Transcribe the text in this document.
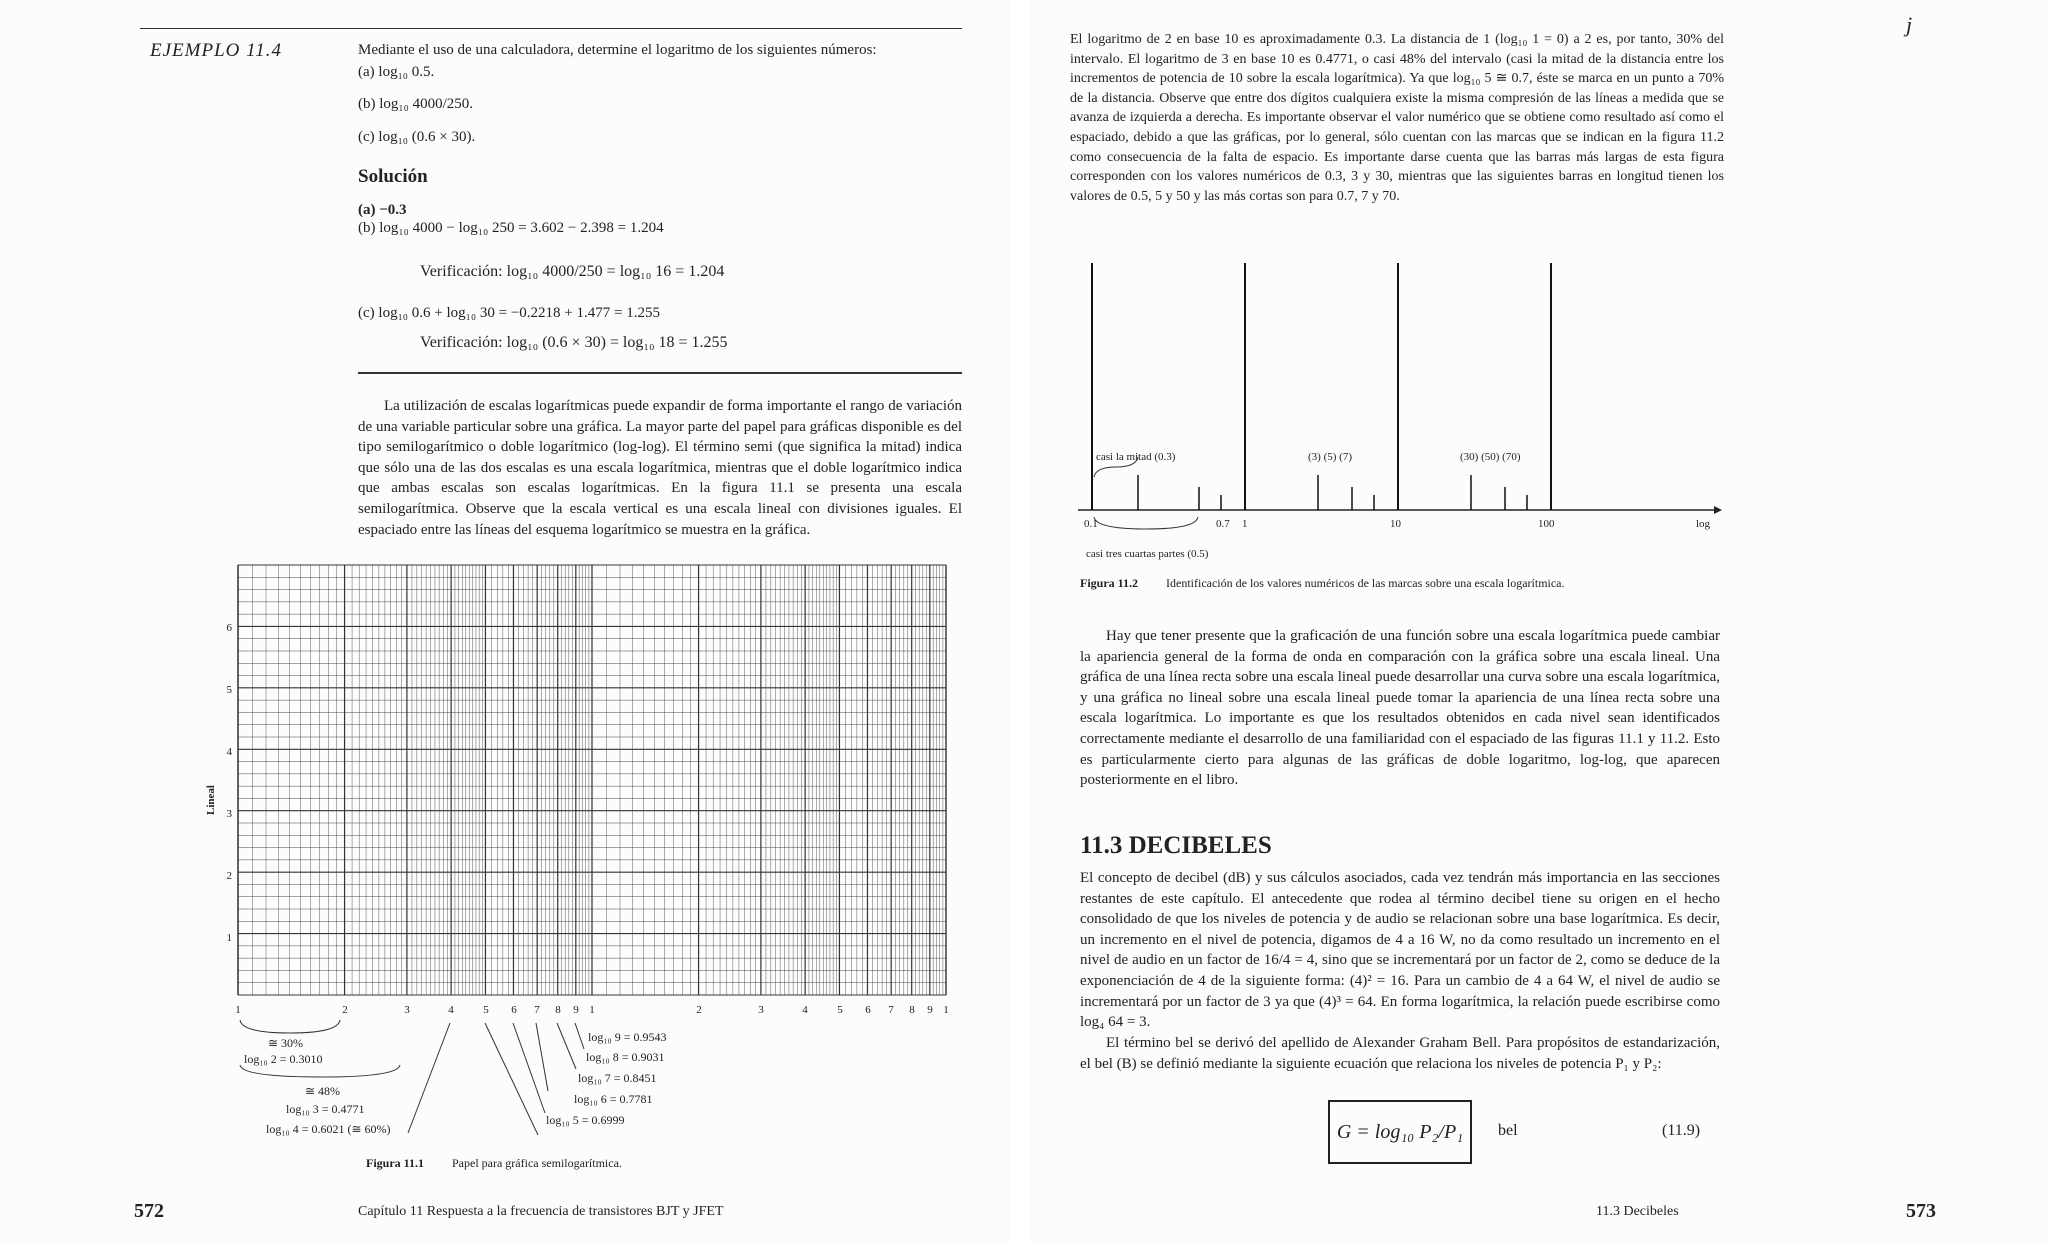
EJEMPLO 11.4	Mediante el uso de una calculadora, determine el logaritmo de los siguientes números:
(a) log₁₀ 0.5.
(b) log₁₀ 4000/250.
(c) log₁₀ (0.6 × 30).
Solución
(a) −0.3
(b) log₁₀ 4000 − log₁₀ 250 = 3.602 − 2.398 = 1.204
Verificación: log₁₀ 4000/250 = log₁₀ 16 = 1.204
(c) log₁₀ 0.6 + log₁₀ 30 = −0.2218 + 1.477 = 1.255
Verificación: log₁₀ (0.6 × 30) = log₁₀ 18 = 1.255
La utilización de escalas logarítmicas puede expandir de forma importante el rango de variación de una variable particular sobre una gráfica. La mayor parte del papel para gráficas disponible es del tipo semilogarítmico o doble logarítmico (log-log). El término semi (que significa la mitad) indica que sólo una de las dos escalas es una escala logarítmica, mientras que el doble logarítmico indica que ambas escalas son escalas logarítmicas. En la figura 11.1 se presenta una escala semilogarítmica. Observe que la escala vertical es una escala lineal con divisiones iguales. El espaciado entre las líneas del esquema logarítmico se muestra en la gráfica.
Lineal
1
2
3
4
5
6
1	2	3	4	5 6 7 8 9 1	2	3	4	5 6 7 8 9 1
≅ 30%
log₁₀ 2 = 0.3010
≅ 48%
log₁₀ 3 = 0.4771
log₁₀ 4 = 0.6021 (≅ 60%)
log₁₀ 9 = 0.9543
log₁₀ 8 = 0.9031
log₁₀ 7 = 0.8451
log₁₀ 6 = 0.7781
log₁₀ 5 = 0.6999
Figura 11.1 Papel para gráfica semilogarítmica.
572	Capítulo 11 Respuesta a la frecuencia de transistores BJT y JFET
El logaritmo de 2 en base 10 es aproximadamente 0.3. La distancia de 1 (log₁₀ 1 = 0) a 2 es, por tanto, 30% del intervalo. El logaritmo de 3 en base 10 es 0.4771, o casi 48% del intervalo (casi la mitad de la distancia entre los incrementos de potencia de 10 sobre la escala logarítmica). Ya que log₁₀ 5 ≅ 0.7, éste se marca en un punto a 70% de la distancia. Observe que entre dos dígitos cualquiera existe la misma compresión de las líneas a medida que se avanza de izquierda a derecha. Es importante observar el valor numérico que se obtiene como resultado así como el espaciado, debido a que las gráficas, por lo general, sólo cuentan con las marcas que se indican en la figura 11.2 como consecuencia de la falta de espacio. Es importante darse cuenta que las barras más largas de esta figura corresponden con los valores numéricos de 0.3, 3 y 30, mientras que las siguientes barras en longitud tienen los valores de 0.5, 5 y 50 y las más cortas son para 0.7, 7 y 70.
j
casi la mitad (0.3)	(3) (5) (7)	(30) (50) (70)
0.1	0.7 1	10	100	log
casi tres cuartas partes (0.5)
Figura 11.2 Identificación de los valores numéricos de las marcas sobre una escala logarítmica.
Hay que tener presente que la graficación de una función sobre una escala logarítmica puede cambiar la apariencia general de la forma de onda en comparación con la gráfica sobre una escala lineal. Una gráfica de una línea recta sobre una escala lineal puede desarrollar una curva sobre una escala logarítmica, y una gráfica no lineal sobre una escala lineal puede tomar la apariencia de una línea recta sobre una escala logarítmica. Lo importante es que los resultados obtenidos en cada nivel sean identificados correctamente mediante el desarrollo de una familiaridad con el espaciado de las figuras 11.1 y 11.2. Esto es particularmente cierto para algunas de las gráficas de doble logaritmo, log-log, que aparecen posteriormente en el libro.
11.3 DECIBELES
El concepto de decibel (dB) y sus cálculos asociados, cada vez tendrán más importancia en las secciones restantes de este capítulo. El antecedente que rodea al término decibel tiene su origen en el hecho consolidado de que los niveles de potencia y de audio se relacionan sobre una base logarítmica. Es decir, un incremento en el nivel de potencia, digamos de 4 a 16 W, no da como resultado un incremento en el nivel de audio en un factor de 16/4 = 4, sino que se incrementará por un factor de 2, como se deduce de la exponenciación de 4 de la siguiente forma: (4)² = 16. Para un cambio de 4 a 64 W, el nivel de audio se incrementará por un factor de 3 ya que (4)³ = 64. En forma logarítmica, la relación puede escribirse como log₄ 64 = 3.
El término bel se derivó del apellido de Alexander Graham Bell. Para propósitos de estandarización, el bel (B) se definió mediante la siguiente ecuación que relaciona los niveles de potencia P₁ y P₂:
G = log₁₀ P₂/P₁ bel	(11.9)
11.3 Decibeles	573
